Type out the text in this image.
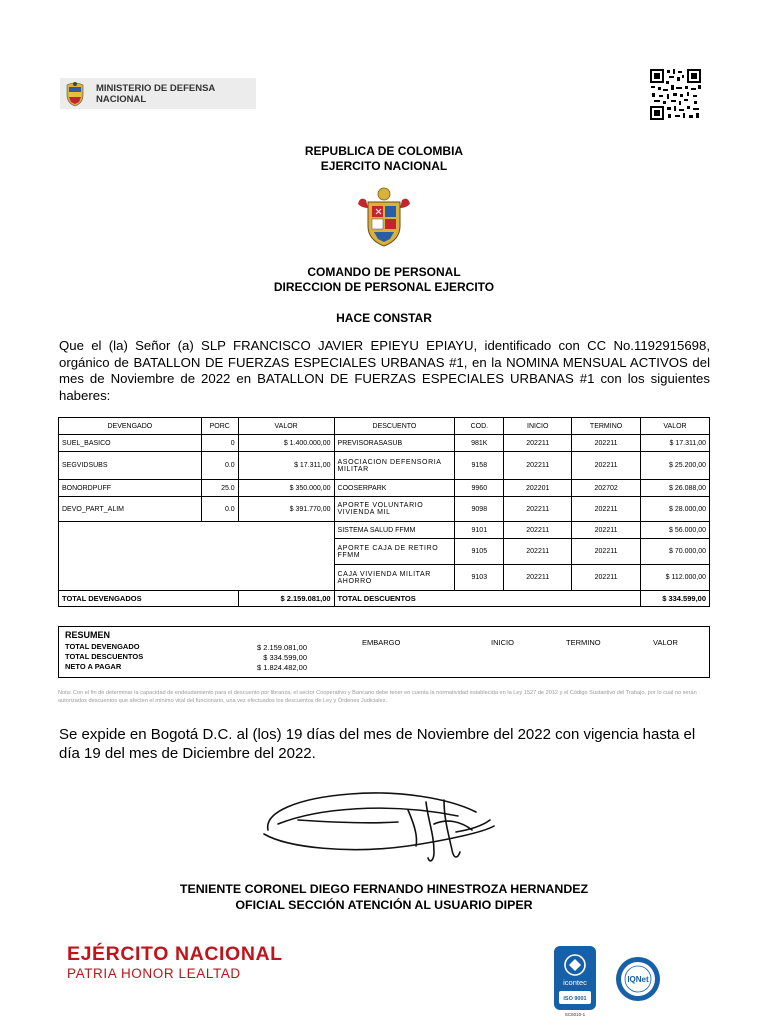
MINISTERIO DE DEFENSA NACIONAL
REPUBLICA DE COLOMBIA
EJERCITO NACIONAL
COMANDO DE PERSONAL
DIRECCION DE PERSONAL EJERCITO
HACE CONSTAR

Que el (la) Señor (a) SLP FRANCISCO JAVIER EPIEYU EPIAYU, identificado con CC No.1192915698, orgánico de BATALLON DE FUERZAS ESPECIALES URBANAS #1, en la NOMINA MENSUAL ACTIVOS del mes de Noviembre de 2022 en BATALLON DE FUERZAS ESPECIALES URBANAS #1 con los siguientes haberes:

DEVENGADO	PORC	VALOR	DESCUENTO	COD.	INICIO	TERMINO	VALOR
SUEL_BASICO	0	$ 1.400.000,00	PREVISORASASUB	981K	202211	202211	$ 17.311,00
SEGVIDSUBS	0.0	$ 17.311,00	ASOCIACION DEFENSORIA MILITAR	9158	202211	202211	$ 25.200,00
BONORDPUFF	25.0	$ 350.000,00	COOSERPARK	9960	202201	202702	$ 26.088,00
DEVO_PART_ALIM	0.0	$ 391.770,00	APORTE VOLUNTARIO VIVIENDA MIL	9098	202211	202211	$ 28.000,00
			SISTEMA SALUD FFMM	9101	202211	202211	$ 56.000,00
			APORTE CAJA DE RETIRO FFMM	9105	202211	202211	$ 70.000,00
			CAJA VIVIENDA MILITAR AHORRO	9103	202211	202211	$ 112.000,00
TOTAL DEVENGADOS		$ 2.159.081,00	TOTAL DESCUENTOS				$ 334.599,00
RESUMEN
TOTAL DEVENGADO	$ 2.159.081,00
TOTAL DESCUENTOS	$ 334.599,00
NETO A PAGAR	$ 1.824.482,00
EMBARGO	INICIO	TERMINO	VALOR

Nota: Con el fin de determinar la capacidad de endeudamiento para el descuento por libranza, el sector Cooperativo y Bancario debe tener en cuenta la normatividad establecida en la Ley 1527 de 2012 y el Código Sustantivo del Trabajo, por lo cual no serán autorizados descuentos que afecten el mínimo vital del funcionario, una vez efectuados los descuentos de Ley y Órdenes Judiciales.

Se expide en Bogotá D.C. al (los) 19 días del mes de Noviembre del 2022 con vigencia hasta el día 19 del mes de Diciembre del 2022.

TENIENTE CORONEL DIEGO FERNANDO HINESTROZA HERNANDEZ
OFICIAL SECCIÓN ATENCIÓN AL USUARIO DIPER
EJÉRCITO NACIONAL
PATRIA HONOR LEALTAD
icontec
ISO 9001
SC6010-1
IQNet
